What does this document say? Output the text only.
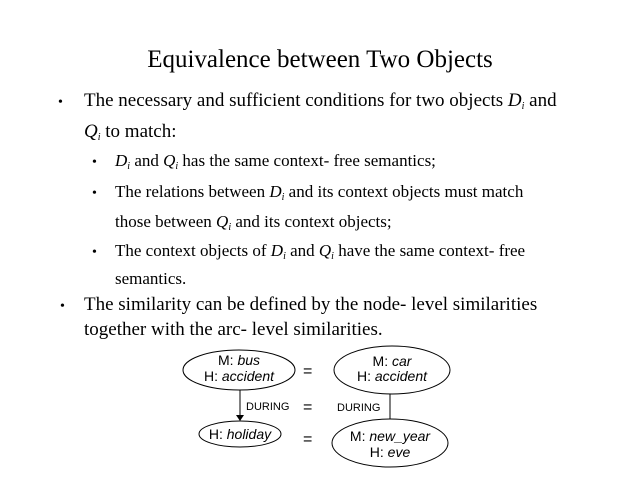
Equivalence between Two Objects
• The necessary and sufficient conditions for two objects $D_i$ and
$Q_i$ to match:
• $D_i$ and $Q_i$ has the same context- free semantics;
• The relations between $D_i$ and its context objects must match
those between $Q_i$ and its context objects;
• The context objects of $D_i$ and $Q_i$ have the same context- free
semantics.
• The similarity can be defined by the node- level similarities
together with the arc- level similarities.
M: bus
H: accident
M: car
H: accident
H: holiday	M: new_year
H: eve
DURING	DURING
=
=
=
